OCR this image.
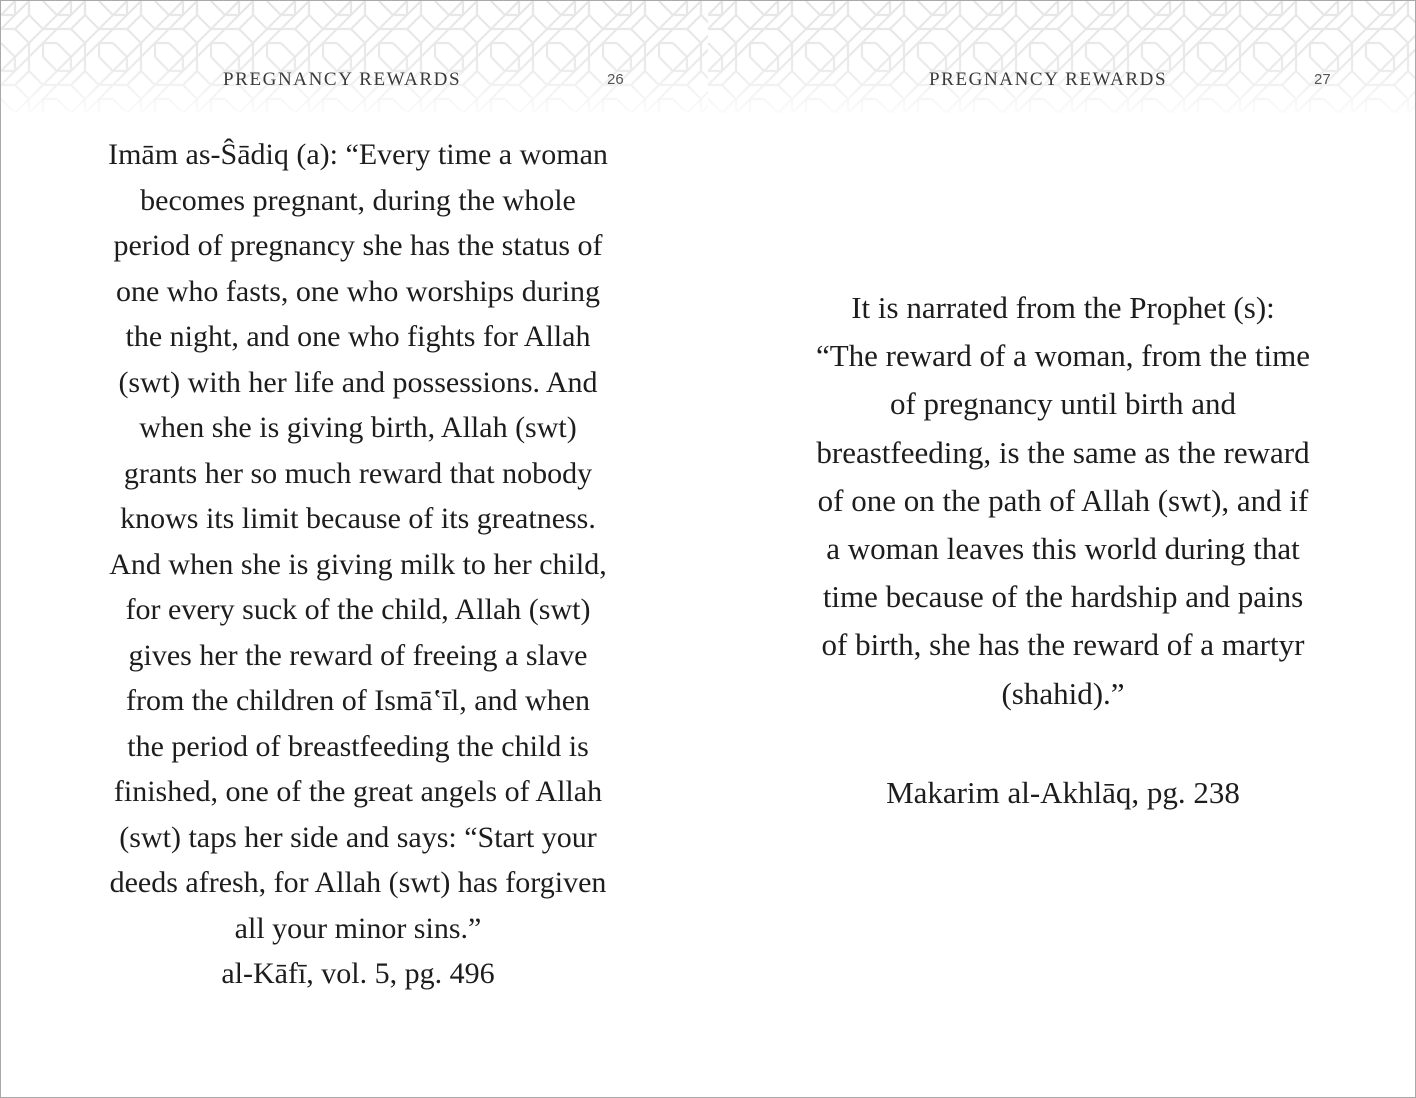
PREGNANCY REWARDS	26

Imām as-Ŝādiq (a): “Every time a woman
becomes pregnant, during the whole
period of pregnancy she has the status of
one who fasts, one who worships during
the night, and one who fights for Allah
(swt) with her life and possessions. And
when she is giving birth, Allah (swt)
grants her so much reward that nobody
knows its limit because of its greatness.
And when she is giving milk to her child,
for every suck of the child, Allah (swt)
gives her the reward of freeing a slave
from the children of Ismāʽīl, and when
the period of breastfeeding the child is
finished, one of the great angels of Allah
(swt) taps her side and says: “Start your
deeds afresh, for Allah (swt) has forgiven
all your minor sins.”

al-Kāfī, vol. 5, pg. 496

PREGNANCY REWARDS	27

It is narrated from the Prophet (s):
“The reward of a woman, from the time
of pregnancy until birth and
breastfeeding, is the same as the reward
of one on the path of Allah (swt), and if
a woman leaves this world during that
time because of the hardship and pains
of birth, she has the reward of a martyr
(shahid).”

Makarim al-Akhlāq, pg. 238
